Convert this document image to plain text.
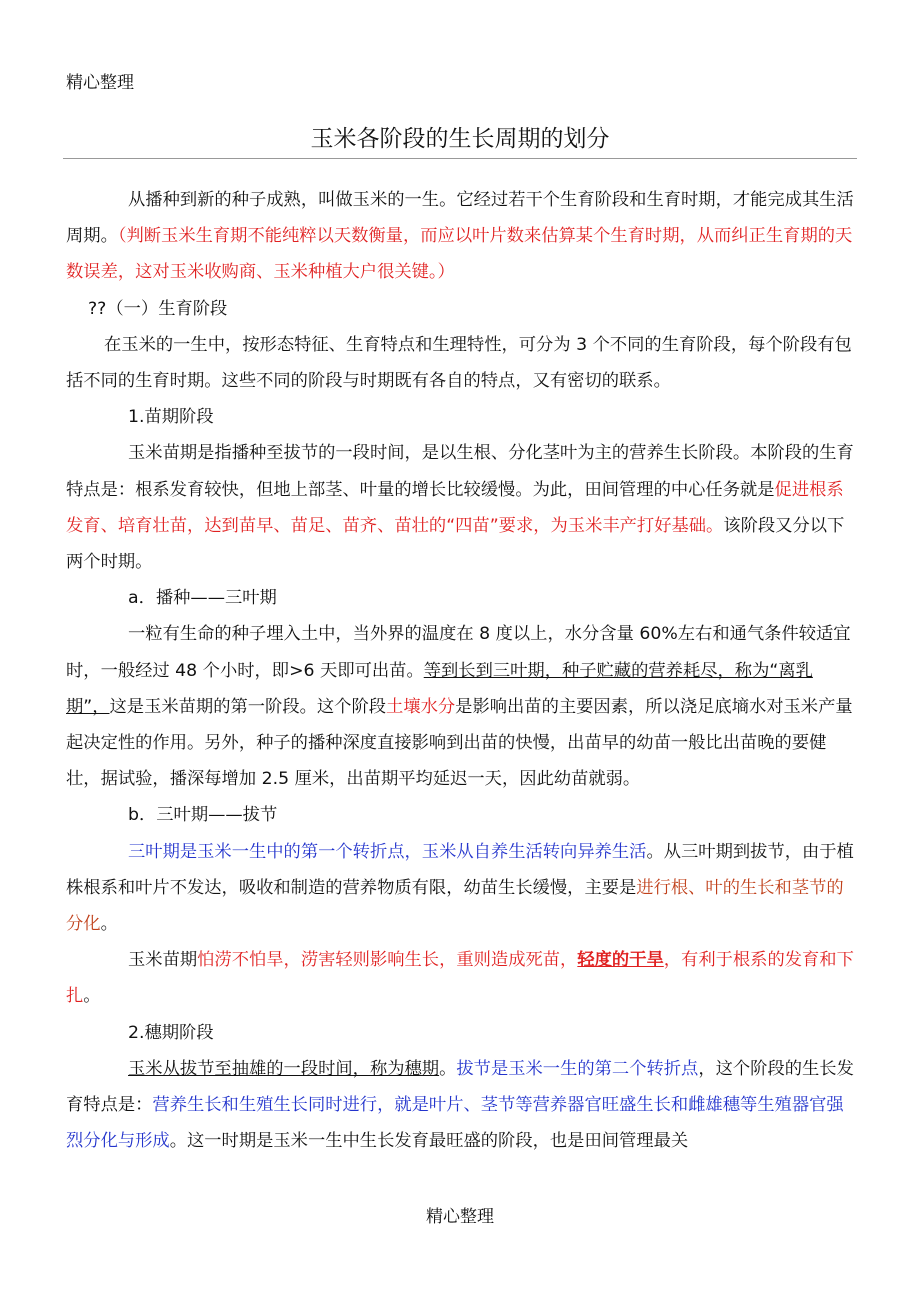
精心整理
玉米各阶段的生长周期的划分

从播种到新的种子成熟，叫做玉米的一生。它经过若干个生育阶段和生育时期，才能完成其生活周期。（判断玉米生育期不能纯粹以天数衡量，而应以叶片数来估算某个生育时期，从而纠正生育期的天数误差，这对玉米收购商、玉米种植大户很关键。）

??（一）生育阶段

在玉米的一生中，按形态特征、生育特点和生理特性，可分为 3 个不同的生育阶段，每个阶段有包括不同的生育时期。这些不同的阶段与时期既有各自的特点，又有密切的联系。

1.苗期阶段

玉米苗期是指播种至拔节的一段时间，是以生根、分化茎叶为主的营养生长阶段。本阶段的生育特点是：根系发育较快，但地上部茎、叶量的增长比较缓慢。为此，田间管理的中心任务就是促进根系发育、培育壮苗，达到苗早、苗足、苗齐、苗壮的“四苗”要求，为玉米丰产打好基础。该阶段又分以下两个时期。

a．播种——三叶期

一粒有生命的种子埋入土中，当外界的温度在 8 度以上，水分含量 60%左右和通气条件较适宜时，一般经过 48 个小时，即>6 天即可出苗。等到长到三叶期，种子贮藏的营养耗尽，称为“离乳期”，这是玉米苗期的第一阶段。这个阶段土壤水分是影响出苗的主要因素，所以浇足底墒水对玉米产量起决定性的作用。另外，种子的播种深度直接影响到出苗的快慢，出苗早的幼苗一般比出苗晚的要健壮，据试验，播深每增加 2.5 厘米，出苗期平均延迟一天，因此幼苗就弱。

b．三叶期——拔节

三叶期是玉米一生中的第一个转折点，玉米从自养生活转向异养生活。从三叶期到拔节，由于植株根系和叶片不发达，吸收和制造的营养物质有限，幼苗生长缓慢，主要是进行根、叶的生长和茎节的分化。

玉米苗期怕涝不怕旱，涝害轻则影响生长，重则造成死苗，轻度的干旱，有利于根系的发育和下扎。

2.穗期阶段

玉米从拔节至抽雄的一段时间，称为穗期。拔节是玉米一生的第二个转折点，这个阶段的生长发育特点是：营养生长和生殖生长同时进行，就是叶片、茎节等营养器官旺盛生长和雌雄穗等生殖器官强烈分化与形成。这一时期是玉米一生中生长发育最旺盛的阶段，也是田间管理最关

精心整理
